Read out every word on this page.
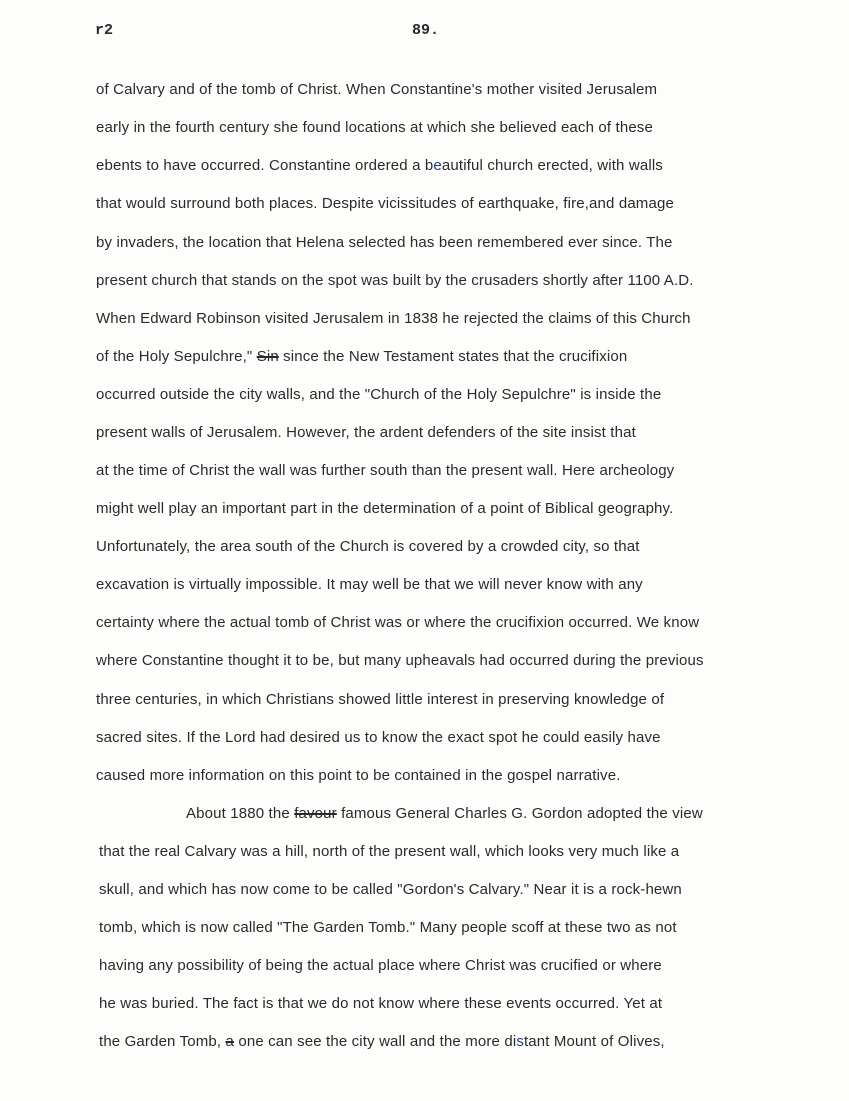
r2	89.
of Calvary and of the tomb of Christ. When Constantine's mother visited Jerusalem
early in the fourth century she found locations at which she believed each of these
ebents to have occurred. Constantine ordered a beautiful church erected, with walls
that would surround both places. Despite vicissitudes of earthquake, fire,and damage
by invaders, the location that Helena selected has been remembered ever since. The
present church that stands on the spot was built by the crusaders shortly after 1100 A.D.
When Edward Robinson visited Jerusalem in 1838 he rejected the claims of this Church
of the Holy Sepulchre," Sin since the New Testament states that the crucifixion
occurred outside the city walls, and the "Church of the Holy Sepulchre" is inside the
present walls of Jerusalem. However, the ardent defenders of the site insist that
at the time of Christ the wall was further south than the present wall. Here archeology
might well play an important part in the determination of a point of Biblical geography.
Unfortunately, the area south of the Church is covered by a crowded city, so that
excavation is virtually impossible. It may well be that we will never know with any
certainty where the actual tomb of Christ was or where the crucifixion occurred. We know
where Constantine thought it to be, but many upheavals had occurred during the previous
three centuries, in which Christians showed little interest in preserving knowledge of
sacred sites. If the Lord had desired us to know the exact spot he could easily have
caused more information on this point to be contained in the gospel narrative.
About 1880 the favour famous General Charles G. Gordon adopted the view
that the real Calvary was a hill, north of the present wall, which looks very much like a
skull, and which has now come to be called "Gordon's Calvary." Near it is a rock-hewn
tomb, which is now called "The Garden Tomb." Many people scoff at these two as not
having any possibility of being the actual place where Christ was crucified or where
he was buried. The fact is that we do not know where these events occurred. Yet at
the Garden Tomb, a one can see the city wall and the more distant Mount of Olives,
